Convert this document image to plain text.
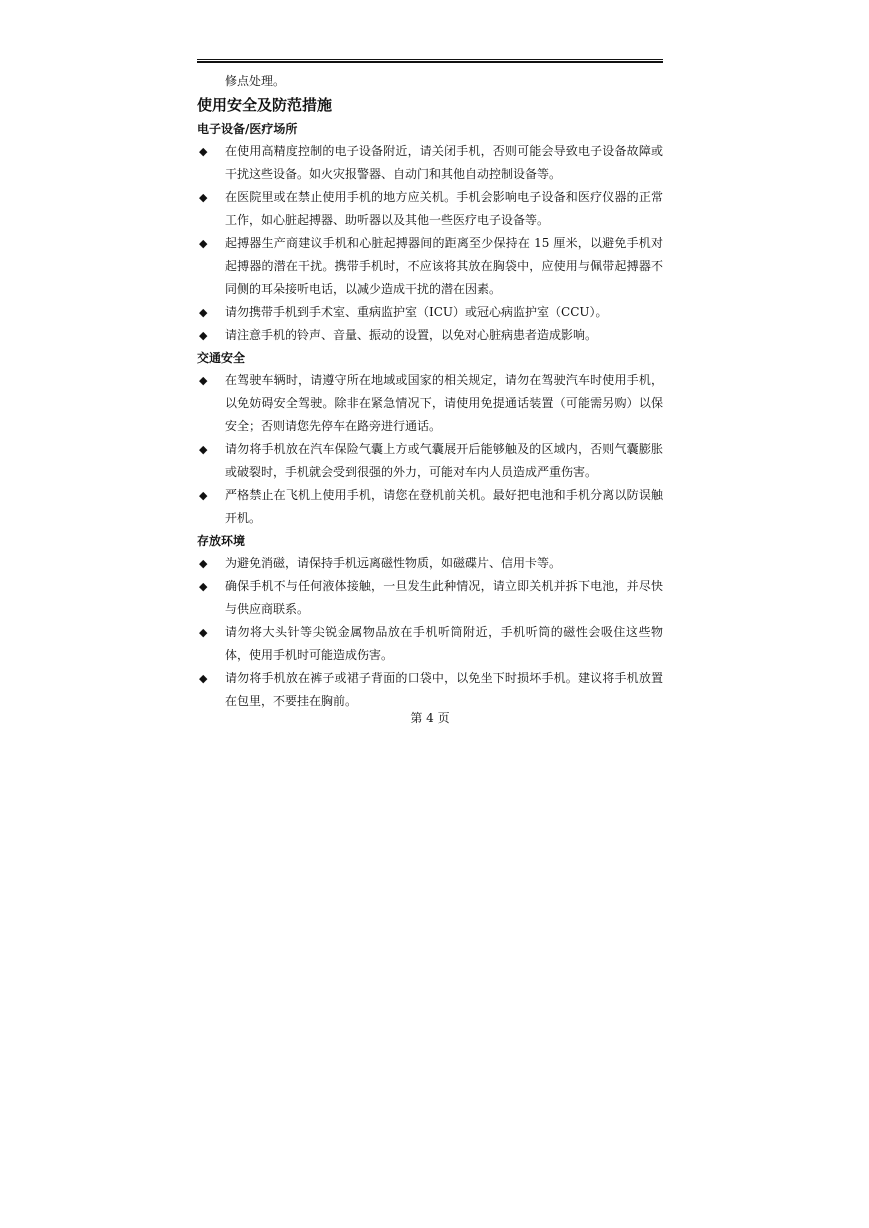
修点处理。

使用安全及防范措施
电子设备/医疗场所
◆ 在使用高精度控制的电子设备附近，请关闭手机，否则可能会导致电子设备故障或干扰这些设备。如火灾报警器、自动门和其他自动控制设备等。
◆ 在医院里或在禁止使用手机的地方应关机。手机会影响电子设备和医疗仪器的正常工作，如心脏起搏器、助听器以及其他一些医疗电子设备等。
◆ 起搏器生产商建议手机和心脏起搏器间的距离至少保持在 15 厘米，以避免手机对起搏器的潜在干扰。携带手机时，不应该将其放在胸袋中，应使用与佩带起搏器不同侧的耳朵接听电话，以减少造成干扰的潜在因素。
◆ 请勿携带手机到手术室、重病监护室（ICU）或冠心病监护室（CCU）。
◆ 请注意手机的铃声、音量、振动的设置，以免对心脏病患者造成影响。
交通安全
◆ 在驾驶车辆时，请遵守所在地域或国家的相关规定，请勿在驾驶汽车时使用手机，以免妨碍安全驾驶。除非在紧急情况下，请使用免提通话装置（可能需另购）以保安全；否则请您先停车在路旁进行通话。
◆ 请勿将手机放在汽车保险气囊上方或气囊展开后能够触及的区域内，否则气囊膨胀或破裂时，手机就会受到很强的外力，可能对车内人员造成严重伤害。
◆ 严格禁止在飞机上使用手机，请您在登机前关机。最好把电池和手机分离以防误触开机。
存放环境
◆ 为避免消磁，请保持手机远离磁性物质，如磁碟片、信用卡等。
◆ 确保手机不与任何液体接触，一旦发生此种情况，请立即关机并拆下电池，并尽快与供应商联系。
◆ 请勿将大头针等尖锐金属物品放在手机听筒附近，手机听筒的磁性会吸住这些物体，使用手机时可能造成伤害。
◆ 请勿将手机放在裤子或裙子背面的口袋中，以免坐下时损坏手机。建议将手机放置在包里，不要挂在胸前。
第 4 页
